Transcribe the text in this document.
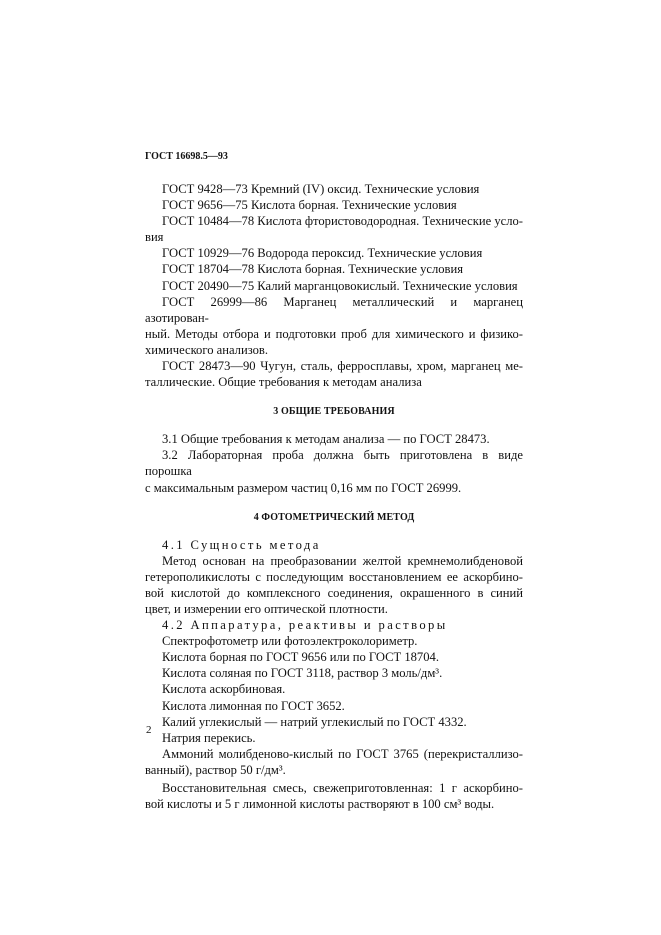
ГОСТ 16698.5—93
ГОСТ 9428—73 Кремний (IV) оксид. Технические условия
ГОСТ 9656—75 Кислота борная. Технические условия
ГОСТ 10484—78 Кислота фтористоводородная. Технические усло-
вия
ГОСТ 10929—76 Водорода пероксид. Технические условия
ГОСТ 18704—78 Кислота борная. Технические условия
ГОСТ 20490—75 Калий марганцовокислый. Технические условия
ГОСТ 26999—86 Марганец металлический и марганец азотирован-
ный. Методы отбора и подготовки проб для химического и физико-
химического анализов.
ГОСТ 28473—90 Чугун, сталь, ферросплавы, хром, марганец ме-
таллические. Общие требования к методам анализа
3 ОБЩИЕ ТРЕБОВАНИЯ
3.1 Общие требования к методам анализа — по ГОСТ 28473.
3.2 Лабораторная проба должна быть приготовлена в виде порошка
с максимальным размером частиц 0,16 мм по ГОСТ 26999.
4 ФОТОМЕТРИЧЕСКИЙ МЕТОД
4.1 Сущность метода
Метод основан на преобразовании желтой кремнемолибденовой
гетерополикислоты с последующим восстановлением ее аскорбино-
вой кислотой до комплексного соединения, окрашенного в синий
цвет, и измерении его оптической плотности.
4.2 Аппаратура, реактивы и растворы
Спектрофотометр или фотоэлектроколориметр.
Кислота борная по ГОСТ 9656 или по ГОСТ 18704.
Кислота соляная по ГОСТ 3118, раствор 3 моль/дм³.
Кислота аскорбиновая.
Кислота лимонная по ГОСТ 3652.
Калий углекислый — натрий углекислый по ГОСТ 4332.
Натрия перекись.
Аммоний молибденово-кислый по ГОСТ 3765 (перекристаллизо-
ванный), раствор 50 г/дм³.
Восстановительная смесь, свежеприготовленная: 1 г аскорбино-
вой кислоты и 5 г лимонной кислоты растворяют в 100 см³ воды.
2
